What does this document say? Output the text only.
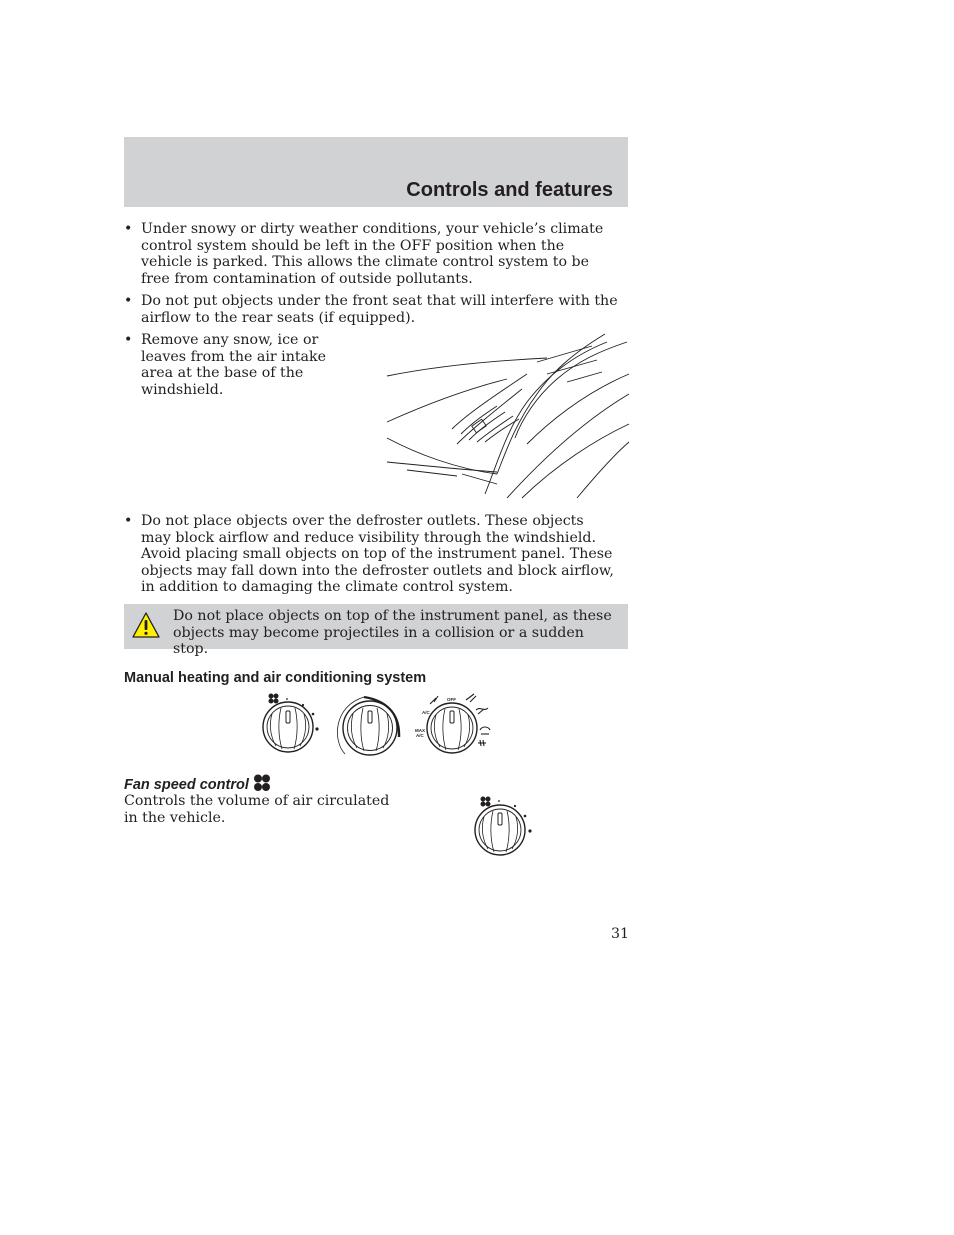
Controls and features
• Under snowy or dirty weather conditions, your vehicle’s climate control system should be left in the OFF position when the vehicle is parked. This allows the climate control system to be free from contamination of outside pollutants.
• Do not put objects under the front seat that will interfere with the airflow to the rear seats (if equipped).
• Remove any snow, ice or leaves from the air intake area at the base of the windshield.
• Do not place objects over the defroster outlets. These objects may block airflow and reduce visibility through the windshield. Avoid placing small objects on top of the instrument panel. These objects may fall down into the defroster outlets and block airflow, in addition to damaging the climate control system.
Do not place objects on top of the instrument panel, as these objects may become projectiles in a collision or a sudden stop.
Manual heating and air conditioning system
OFF
A/C
MAX
A/C
Fan speed control
Controls the volume of air circulated in the vehicle.
31
